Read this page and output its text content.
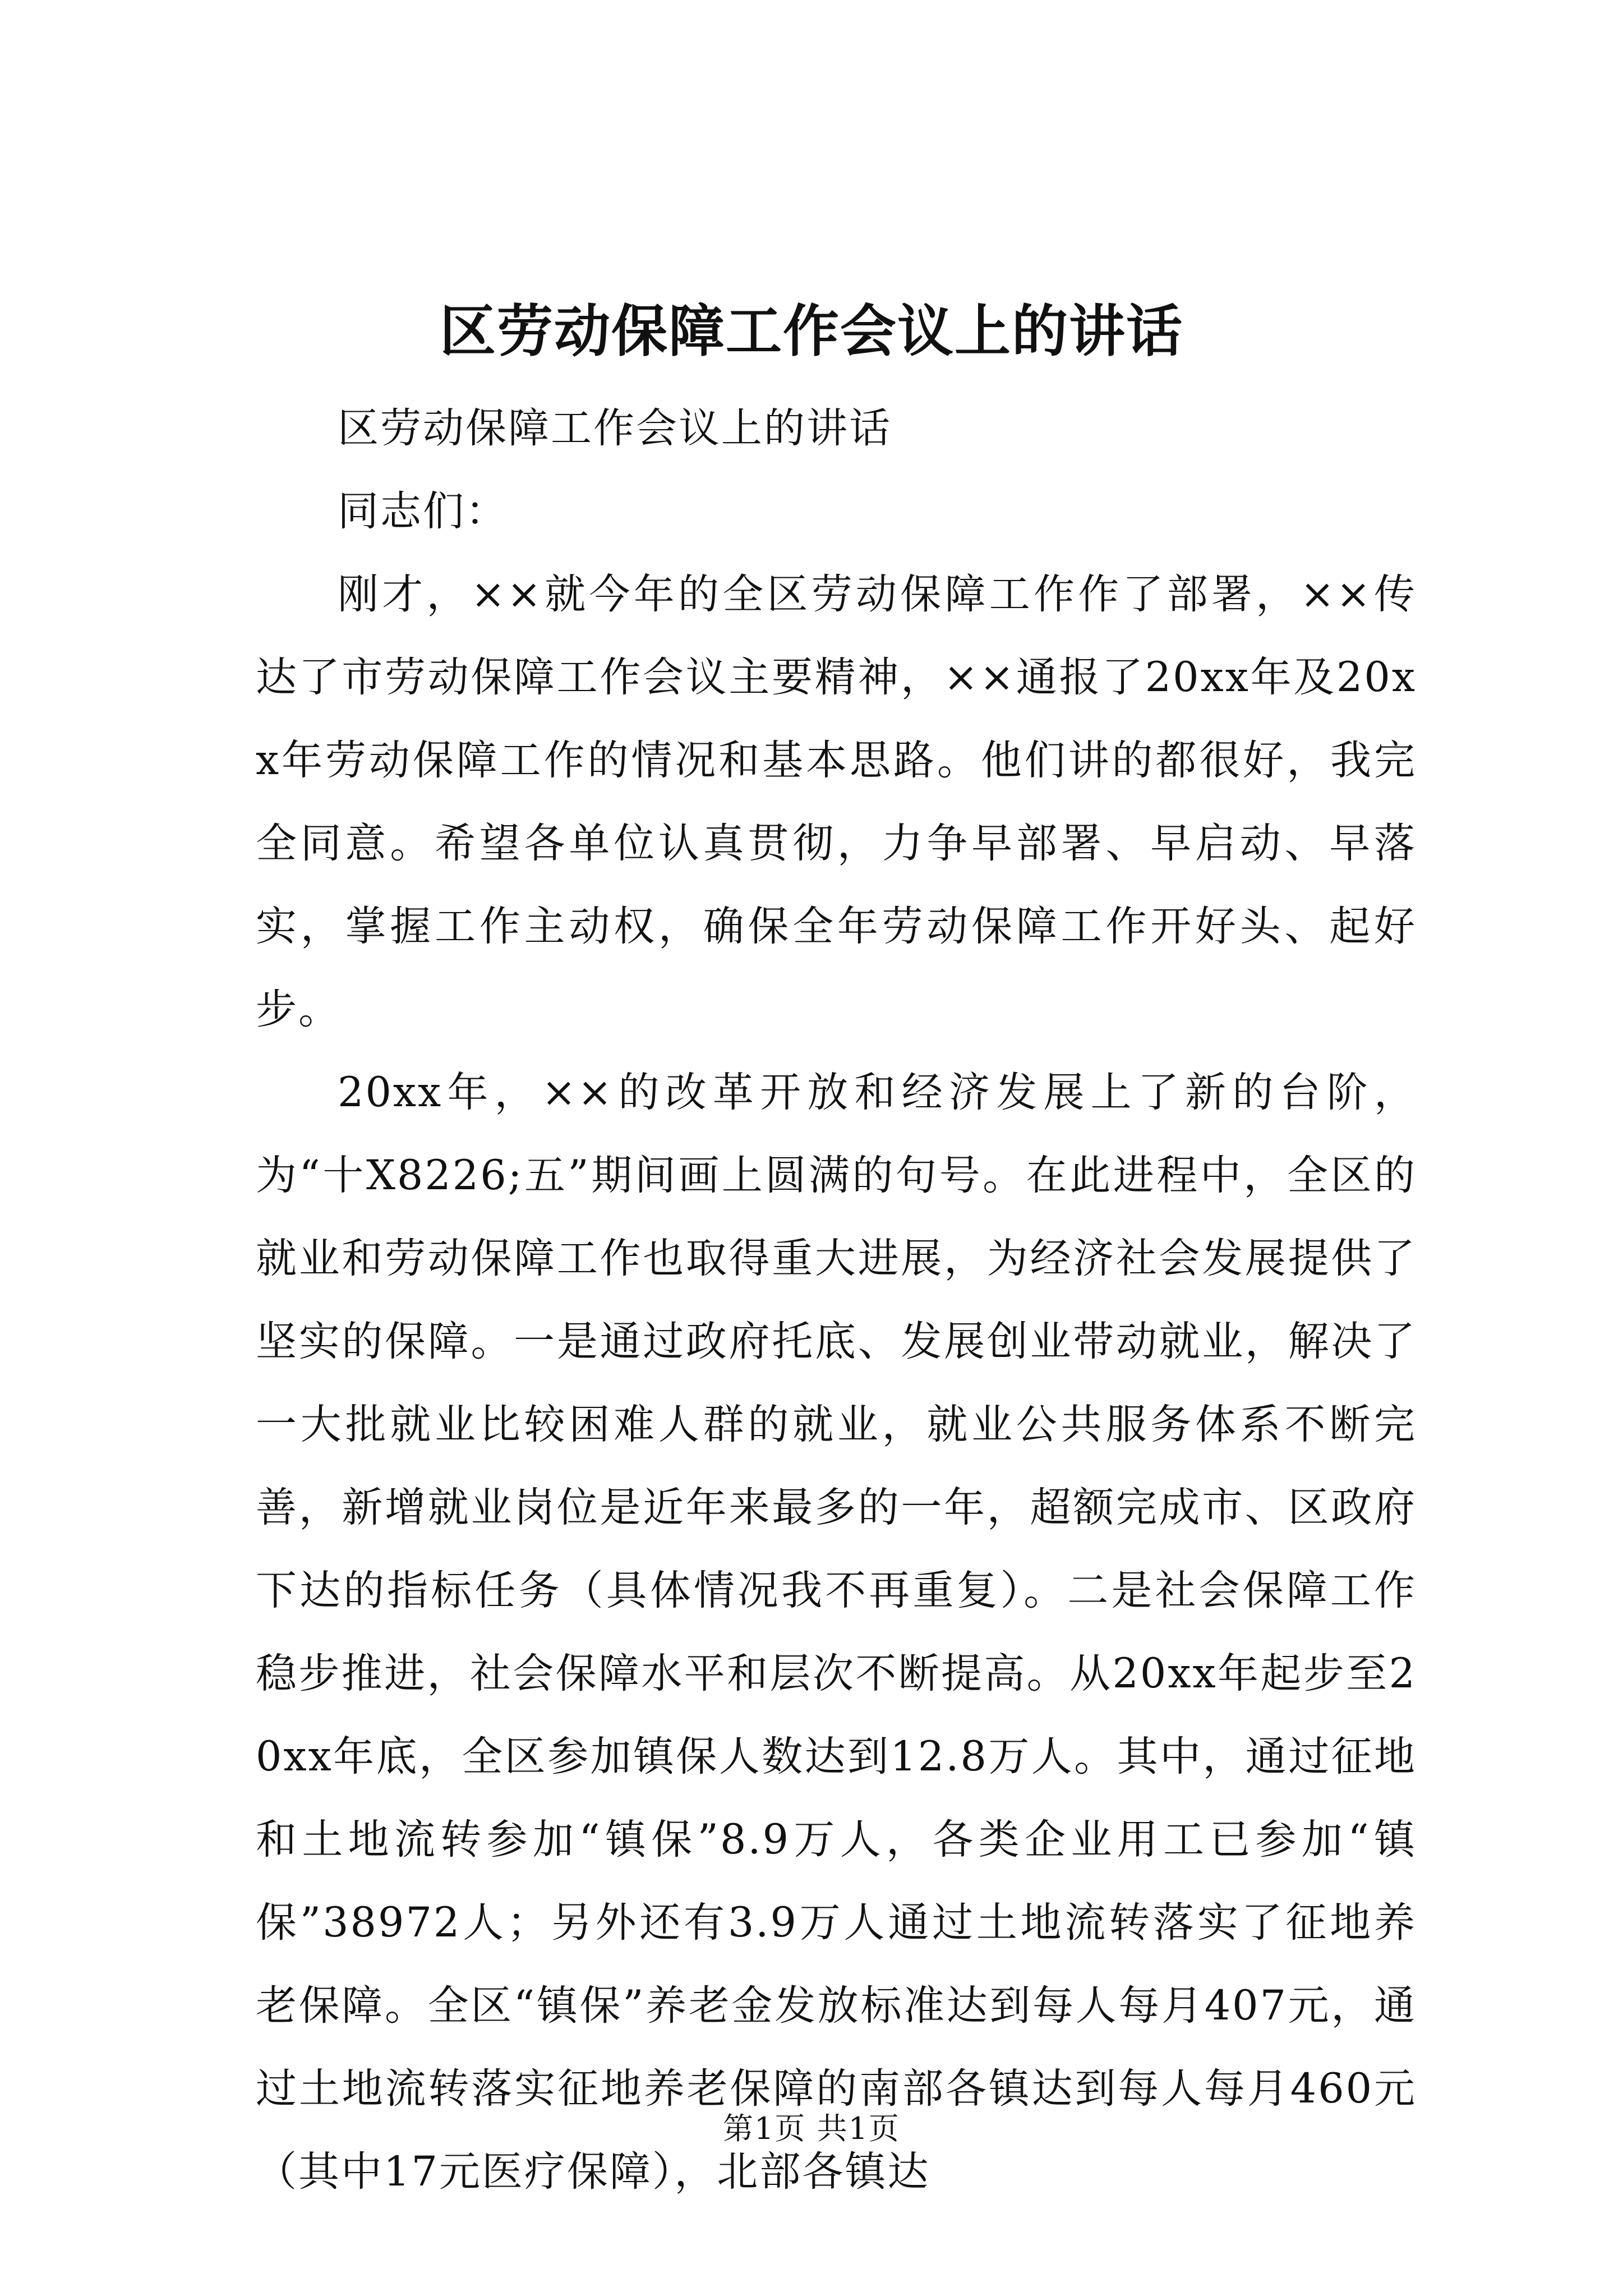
区劳动保障工作会议上的讲话

区劳动保障工作会议上的讲话

同志们：

刚才，××就今年的全区劳动保障工作作了部署，××传达了市劳动保障工作会议主要精神，××通报了20xx年及20xx年劳动保障工作的情况和基本思路。他们讲的都很好，我完全同意。希望各单位认真贯彻，力争早部署、早启动、早落实，掌握工作主动权，确保全年劳动保障工作开好头、起好步。

20xx年，××的改革开放和经济发展上了新的台阶，为“十X8226;五”期间画上圆满的句号。在此进程中，全区的就业和劳动保障工作也取得重大进展，为经济社会发展提供了坚实的保障。一是通过政府托底、发展创业带动就业，解决了一大批就业比较困难人群的就业，就业公共服务体系不断完善，新增就业岗位是近年来最多的一年，超额完成市、区政府下达的指标任务（具体情况我不再重复）。二是社会保障工作稳步推进，社会保障水平和层次不断提高。从20xx年起步至20xx年底，全区参加镇保人数达到12.8万人。其中，通过征地和土地流转参加“镇保”8.9万人，各类企业用工已参加“镇保”38972人；另外还有3.9万人通过土地流转落实了征地养老保障。全区“镇保”养老金发放标准达到每人每月407元，通过土地流转落实征地养老保障的南部各镇达到每人每月460元（其中17元医疗保障），北部各镇达

第1页 共1页
